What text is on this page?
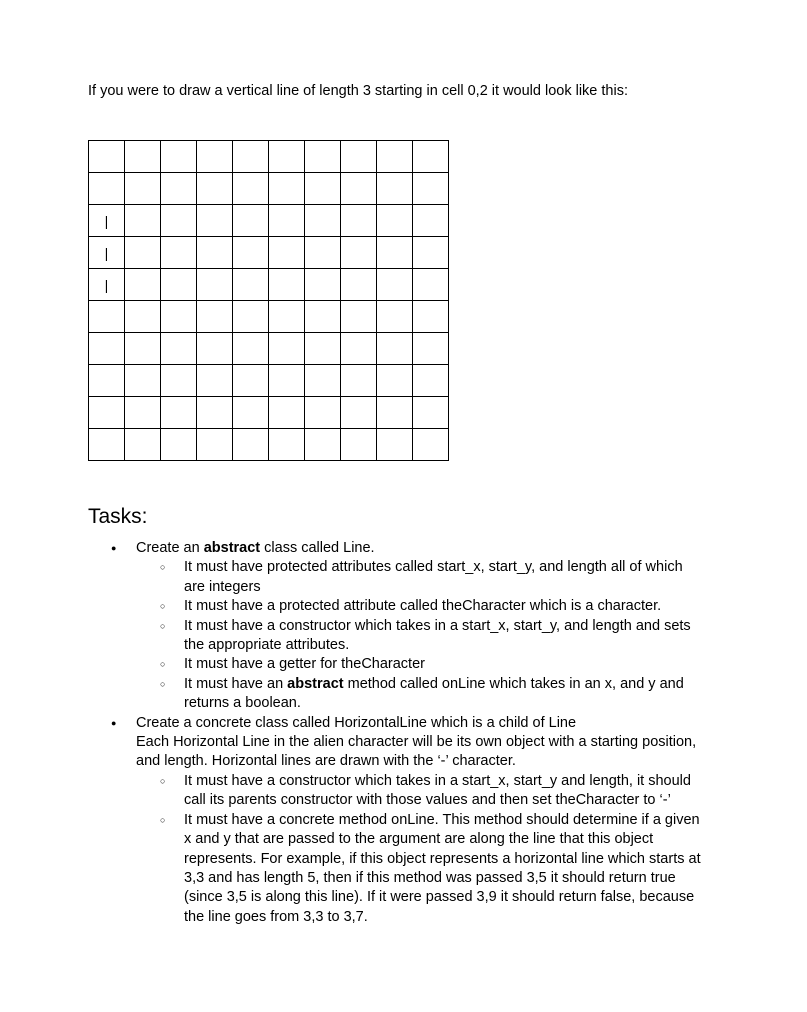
If you were to draw a vertical line of length 3 starting in cell 0,2 it would look like this:

|									
|									
|									

Tasks:
● Create an abstract class called Line.
○ It must have protected attributes called start_x, start_y, and length all of which are integers
○ It must have a protected attribute called theCharacter which is a character.
○ It must have a constructor which takes in a start_x, start_y, and length and sets the appropriate attributes.
○ It must have a getter for theCharacter
○ It must have an abstract method called onLine which takes in an x, and y and returns a boolean.
● Create a concrete class called HorizontalLine which is a child of Line
Each Horizontal Line in the alien character will be its own object with a starting position, and length. Horizontal lines are drawn with the ‘-’ character.
○ It must have a constructor which takes in a start_x, start_y and length, it should call its parents constructor with those values and then set theCharacter to ‘-’
○ It must have a concrete method onLine. This method should determine if a given x and y that are passed to the argument are along the line that this object represents. For example, if this object represents a horizontal line which starts at 3,3 and has length 5, then if this method was passed 3,5 it should return true (since 3,5 is along this line). If it were passed 3,9 it should return false, because the line goes from 3,3 to 3,7.
